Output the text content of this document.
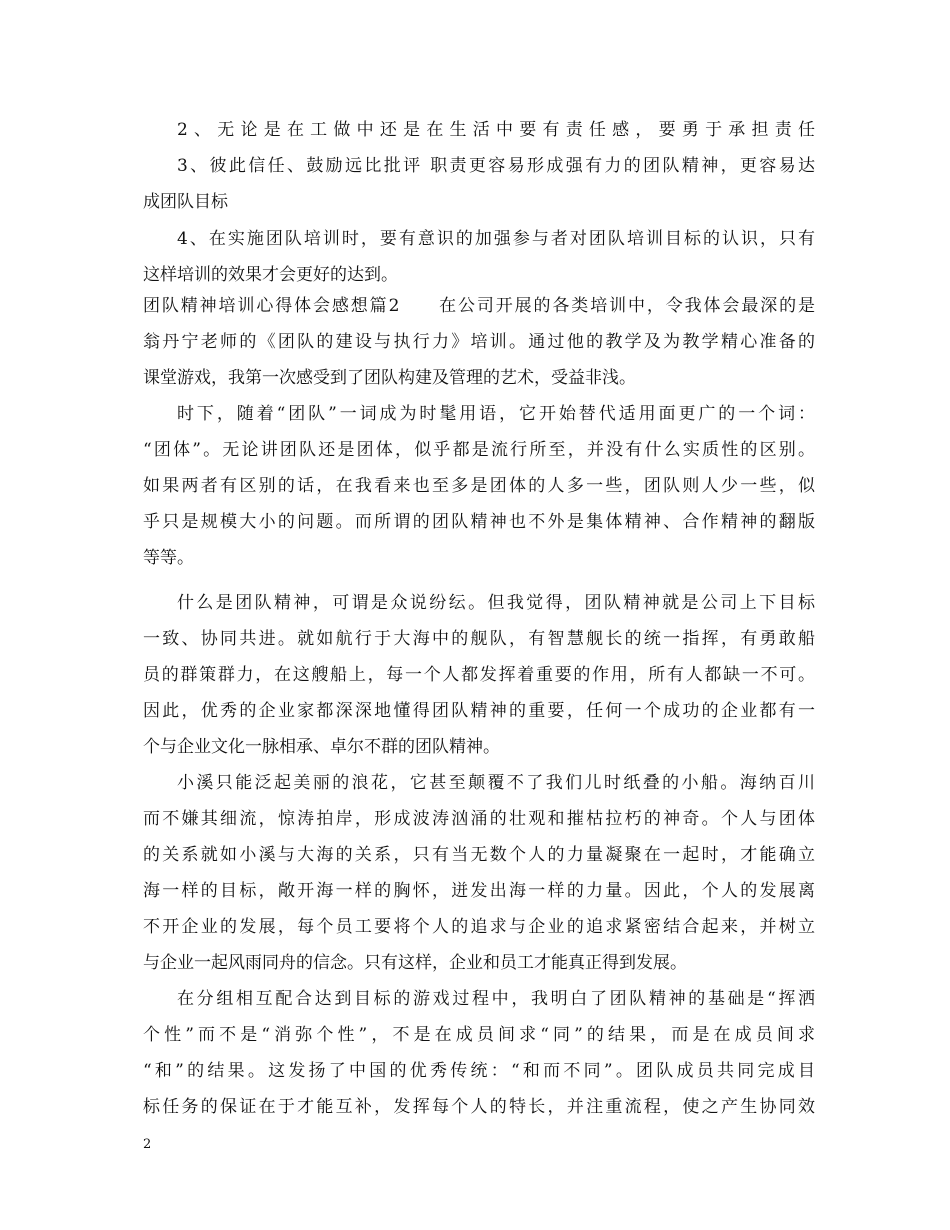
2、无论是在工做中还是在生活中要有责任感，要勇于承担责任
3、彼此信任、鼓励远比批评 职责更容易形成强有力的团队精神，更容易达
成团队目标
4、在实施团队培训时，要有意识的加强参与者对团队培训目标的认识，只有
这样培训的效果才会更好的达到。
团队精神培训心得体会感想篇2　　在公司开展的各类培训中，令我体会最深的是
翁丹宁老师的《团队的建设与执行力》培训。通过他的教学及为教学精心准备的
课堂游戏，我第一次感受到了团队构建及管理的艺术，受益非浅。
时下，随着“团队”一词成为时髦用语，它开始替代适用面更广的一个词：
“团体”。无论讲团队还是团体，似乎都是流行所至，并没有什么实质性的区别。
如果两者有区别的话，在我看来也至多是团体的人多一些，团队则人少一些，似
乎只是规模大小的问题。而所谓的团队精神也不外是集体精神、合作精神的翻版
等等。
什么是团队精神，可谓是众说纷纭。但我觉得，团队精神就是公司上下目标
一致、协同共进。就如航行于大海中的舰队，有智慧舰长的统一指挥，有勇敢船
员的群策群力，在这艘船上，每一个人都发挥着重要的作用，所有人都缺一不可。
因此，优秀的企业家都深深地懂得团队精神的重要，任何一个成功的企业都有一
个与企业文化一脉相承、卓尔不群的团队精神。
小溪只能泛起美丽的浪花，它甚至颠覆不了我们儿时纸叠的小船。海纳百川
而不嫌其细流，惊涛拍岸，形成波涛汹涌的壮观和摧枯拉朽的神奇。个人与团体
的关系就如小溪与大海的关系，只有当无数个人的力量凝聚在一起时，才能确立
海一样的目标，敞开海一样的胸怀，迸发出海一样的力量。因此，个人的发展离
不开企业的发展，每个员工要将个人的追求与企业的追求紧密结合起来，并树立
与企业一起风雨同舟的信念。只有这样，企业和员工才能真正得到发展。
在分组相互配合达到目标的游戏过程中，我明白了团队精神的基础是“挥洒
个性”而不是“消弥个性”，不是在成员间求“同”的结果，而是在成员间求
“和”的结果。这发扬了中国的优秀传统：“和而不同”。团队成员共同完成目
标任务的保证在于才能互补，发挥每个人的特长，并注重流程，使之产生协同效
2
